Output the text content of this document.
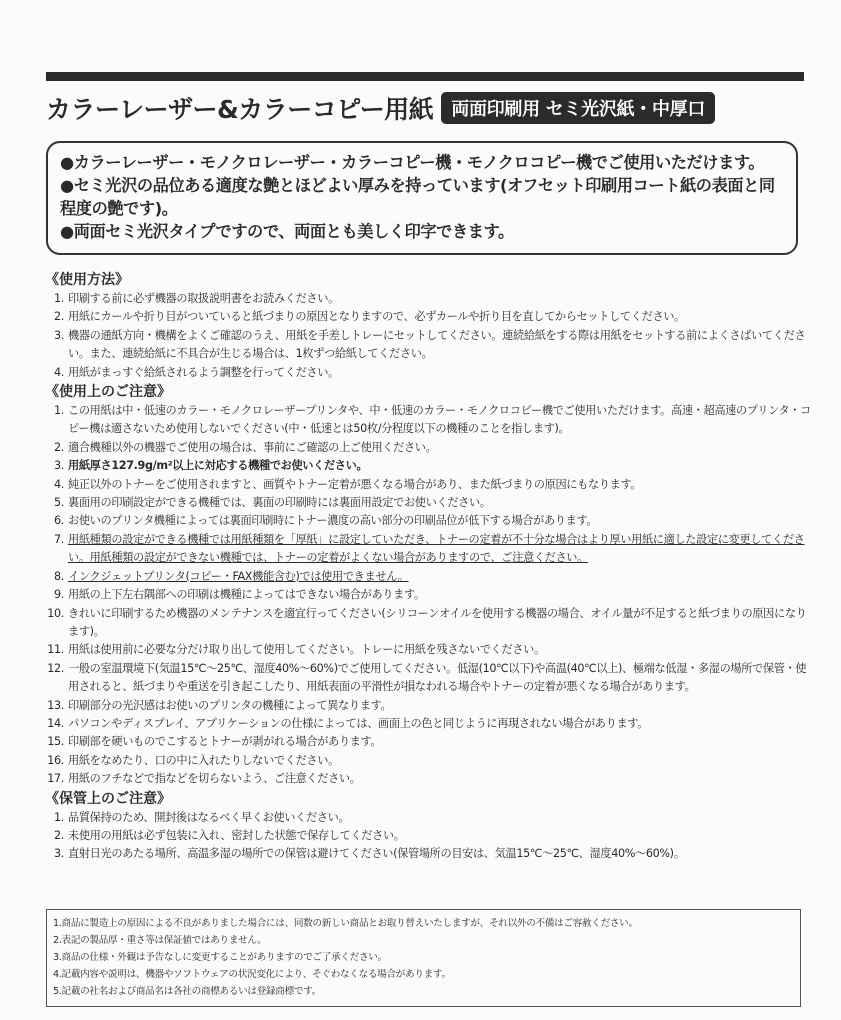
カラーレーザー&カラーコピー用紙	両面印刷用 セミ光沢紙・中厚口
●カラーレーザー・モノクロレーザー・カラーコピー機・モノクロコピー機でご使用いただけます。
●セミ光沢の品位ある適度な艶とほどよい厚みを持っています(オフセット印刷用コート紙の表面と同程度の艶です)。
●両面セミ光沢タイプですので、両面とも美しく印字できます。
《使用方法》
1. 印刷する前に必ず機器の取扱説明書をお読みください。
2. 用紙にカールや折り目がついていると紙づまりの原因となりますので、必ずカールや折り目を直してからセットしてください。
3. 機器の通紙方向・機構をよくご確認のうえ、用紙を手差しトレーにセットしてください。連続給紙をする際は用紙をセットする前によくさばいてください。また、連続給紙に不具合が生じる場合は、1枚ずつ給紙してください。
4. 用紙がまっすぐ給紙されるよう調整を行ってください。
《使用上のご注意》
1. この用紙は中・低速のカラー・モノクロレーザープリンタや、中・低速のカラー・モノクロコピー機でご使用いただけます。高速・超高速のプリンタ・コピー機は適さないため使用しないでください(中・低速とは50枚/分程度以下の機種のことを指します)。
2. 適合機種以外の機器でご使用の場合は、事前にご確認の上ご使用ください。
3. 用紙厚さ127.9g/m²以上に対応する機種でお使いください。
4. 純正以外のトナーをご使用されますと、画質やトナー定着が悪くなる場合があり、また紙づまりの原因にもなります。
5. 裏面用の印刷設定ができる機種では、裏面の印刷時には裏面用設定でお使いください。
6. お使いのプリンタ機種によっては裏面印刷時にトナー濃度の高い部分の印刷品位が低下する場合があります。
7. 用紙種類の設定ができる機種では用紙種類を「厚紙」に設定していただき、トナーの定着が不十分な場合はより厚い用紙に適した設定に変更してください。用紙種類の設定ができない機種では、トナーの定着がよくない場合がありますので、ご注意ください。
8. インクジェットプリンタ(コピー・FAX機能含む)では使用できません。
9. 用紙の上下左右隅部への印刷は機種によってはできない場合があります。
10. きれいに印刷するため機器のメンテナンスを適宜行ってください(シリコーンオイルを使用する機器の場合、オイル量が不足すると紙づまりの原因になります)。
11. 用紙は使用前に必要な分だけ取り出して使用してください。トレーに用紙を残さないでください。
12. 一般の室温環境下(気温15℃～25℃、湿度40%～60%)でご使用してください。低湿(10℃以下)や高温(40℃以上)、極端な低湿・多湿の場所で保管・使用されると、紙づまりや重送を引き起こしたり、用紙表面の平滑性が損なわれる場合やトナーの定着が悪くなる場合があります。
13. 印刷部分の光沢感はお使いのプリンタの機種によって異なります。
14. パソコンやディスプレイ、アプリケーションの仕様によっては、画面上の色と同じように再現されない場合があります。
15. 印刷部を硬いものでこするとトナーが剥がれる場合があります。
16. 用紙をなめたり、口の中に入れたりしないでください。
17. 用紙のフチなどで指などを切らないよう、ご注意ください。
《保管上のご注意》
1. 品質保持のため、開封後はなるべく早くお使いください。
2. 未使用の用紙は必ず包装に入れ、密封した状態で保存してください。
3. 直射日光のあたる場所、高温多湿の場所での保管は避けてください(保管場所の目安は、気温15℃～25℃、湿度40%～60%)。
1.商品に製造上の原因による不良がありました場合には、同数の新しい商品とお取り替えいたしますが、それ以外の不備はご容赦ください。
2.表記の製品厚・重さ等は保証値ではありません。
3.商品の仕様・外観は予告なしに変更することがありますのでご了承ください。
4.記載内容や説明は、機器やソフトウェアの状況変化により、そぐわなくなる場合があります。
5.記載の社名および商品名は各社の商標あるいは登録商標です。
